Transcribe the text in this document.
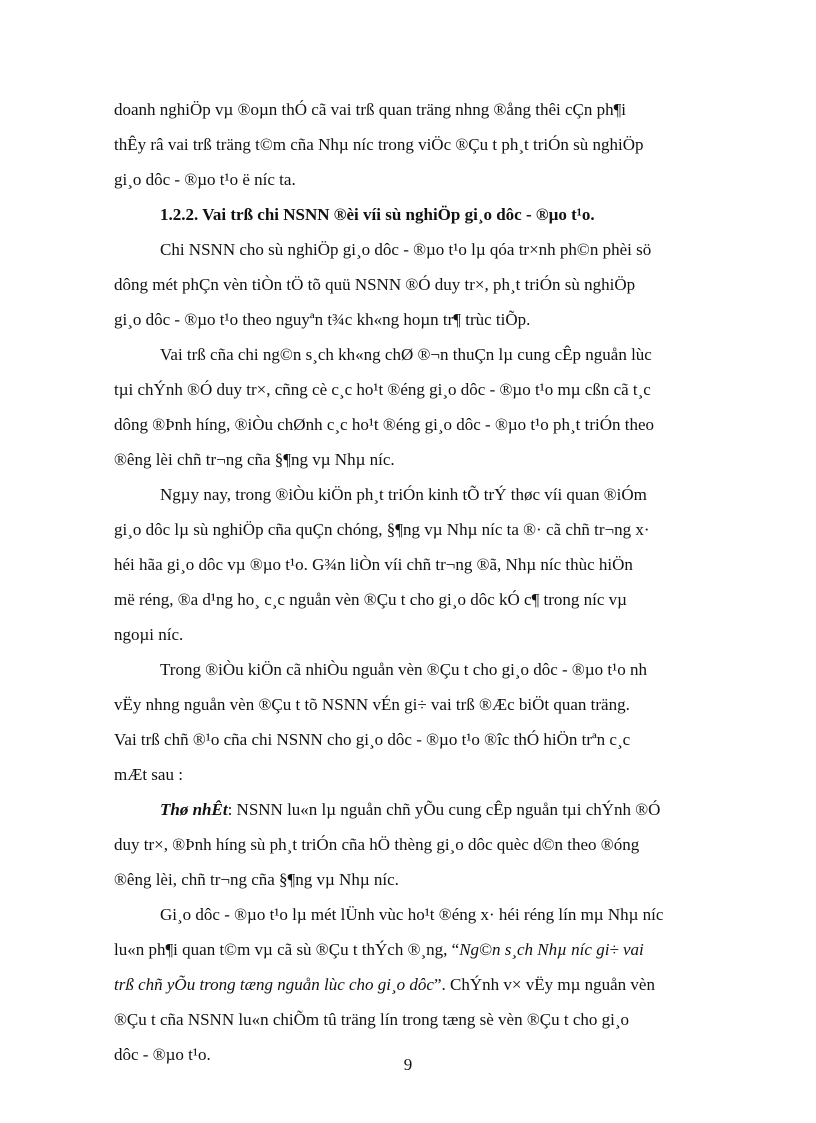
doanh nghiÖp vµ ®oµn thÓ cã vai trß quan träng nhng ®ång thêi cÇn ph¶i
thÊy râ vai trß träng t©m cña Nhµ níc trong viÖc ®Çu t ph¸t triÓn sù nghiÖp
gi¸o dôc - ®µo t¹o ë níc ta.
1.2.2. Vai trß chi NSNN ®èi víi sù nghiÖp gi¸o dôc - ®µo t¹o.
Chi NSNN cho sù nghiÖp gi¸o dôc - ®µo t¹o lµ qóa tr×nh ph©n phèi sö
dông mét phÇn vèn tiÒn tÖ tõ quü NSNN ®Ó duy tr×, ph¸t triÓn sù nghiÖp
gi¸o dôc - ®µo t¹o theo nguyªn t¾c kh«ng hoµn tr¶ trùc tiÕp.
Vai trß cña chi ng©n s¸ch kh«ng chØ ®¬n thuÇn lµ cung cÊp nguån lùc
tµi chÝnh ®Ó duy tr×, cñng cè c¸c ho¹t ®éng gi¸o dôc - ®µo t¹o mµ cßn cã t¸c
dông ®Þnh híng, ®iÒu chØnh c¸c ho¹t ®éng gi¸o dôc - ®µo t¹o ph¸t triÓn theo
®êng lèi chñ tr¬ng cña §¶ng vµ Nhµ níc.
Ngµy nay, trong ®iÒu kiÖn ph¸t triÓn kinh tÕ trÝ thøc víi quan ®iÓm
gi¸o dôc lµ sù nghiÖp cña quÇn chóng, §¶ng vµ Nhµ níc ta ®· cã chñ tr¬ng x·
héi hãa gi¸o dôc vµ ®µo t¹o. G¾n liÒn víi chñ tr¬ng ®ã, Nhµ níc thùc hiÖn
më réng, ®a d¹ng ho¸ c¸c nguån vèn ®Çu t cho gi¸o dôc kÓ c¶ trong níc vµ
ngoµi níc.
Trong ®iÒu kiÖn cã nhiÒu nguån vèn ®Çu t cho gi¸o dôc - ®µo t¹o nh
vËy nhng nguån vèn ®Çu t tõ NSNN vÉn gi÷ vai trß ®Æc biÖt quan träng.
Vai trß chñ ®¹o cña chi NSNN cho gi¸o dôc - ®µo t¹o ®îc thÓ hiÖn trªn c¸c
mÆt sau :
Thø nhÊt: NSNN lu«n lµ nguån chñ yÕu cung cÊp nguån tµi chÝnh ®Ó
duy tr×, ®Þnh híng sù ph¸t triÓn cña hÖ thèng gi¸o dôc quèc d©n theo ®óng
®êng lèi, chñ tr¬ng cña §¶ng vµ Nhµ níc.
Gi¸o dôc - ®µo t¹o lµ mét lÜnh vùc ho¹t ®éng x· héi réng lín mµ Nhµ níc
lu«n ph¶i quan t©m vµ cã sù ®Çu t thÝch ®¸ng, “Ng©n s¸ch Nhµ níc gi÷ vai
trß chñ yÕu trong tæng nguån lùc cho gi¸o dôc”. ChÝnh v× vËy mµ nguån vèn
®Çu t cña NSNN lu«n chiÕm tû träng lín trong tæng sè vèn ®Çu t cho gi¸o
dôc - ®µo t¹o.
9
